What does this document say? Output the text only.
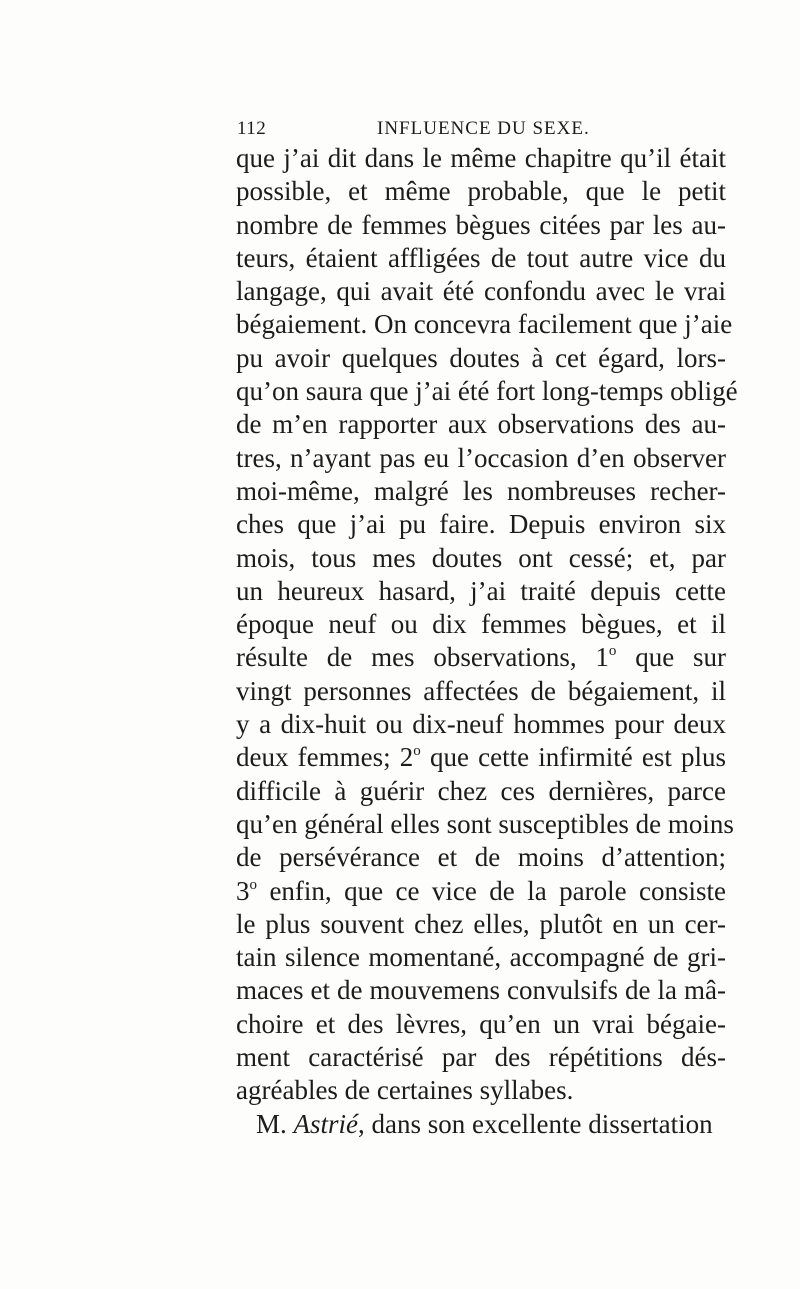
112	INFLUENCE DU SEXE.
que j’ai dit dans le même chapitre qu’il était
possible, et même probable, que le petit
nombre de femmes bègues citées par les au-
teurs, étaient affligées de tout autre vice du
langage, qui avait été confondu avec le vrai
bégaiement. On concevra facilement que j’aie
pu avoir quelques doutes à cet égard, lors-
qu’on saura que j’ai été fort long-temps obligé
de m’en rapporter aux observations des au-
tres, n’ayant pas eu l’occasion d’en observer
moi-même, malgré les nombreuses recher-
ches que j’ai pu faire. Depuis environ six
mois, tous mes doutes ont cessé; et, par
un heureux hasard, j’ai traité depuis cette
époque neuf ou dix femmes bègues, et il
résulte de mes observations, 1$^o$ que sur
vingt personnes affectées de bégaiement, il
y a dix-huit ou dix-neuf hommes pour deux
deux femmes; 2$^o$ que cette infirmité est plus
difficile à guérir chez ces dernières, parce
qu’en général elles sont susceptibles de moins
de persévérance et de moins d’attention;
3$^o$ enfin, que ce vice de la parole consiste
le plus souvent chez elles, plutôt en un cer-
tain silence momentané, accompagné de gri-
maces et de mouvemens convulsifs de la mâ-
choire et des lèvres, qu’en un vrai bégaie-
ment caractérisé par des répétitions dés-
agréables de certaines syllabes.
M. Astrié, dans son excellente dissertation
